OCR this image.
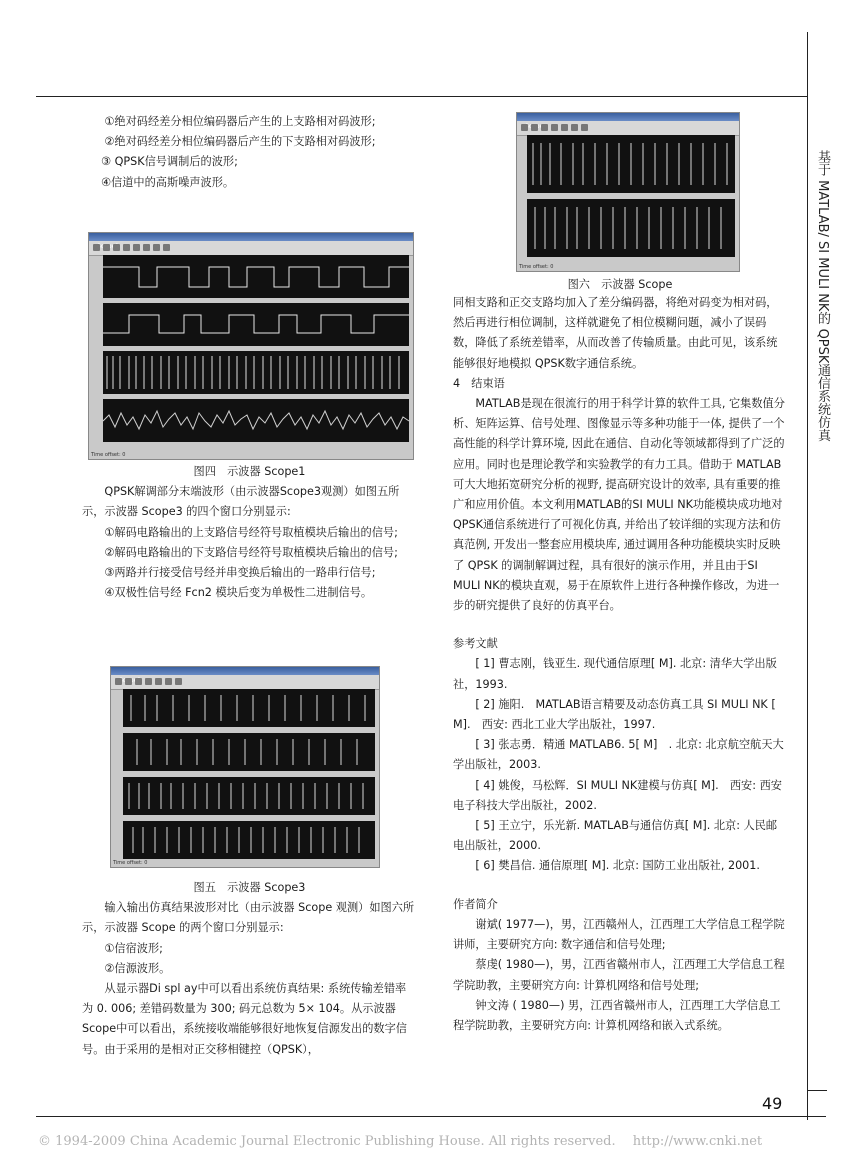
基于 MATLAB/ SI MULI NK的 QPSK通信系统仿真

①绝对码经差分相位编码器后产生的上支路相对码波形;

②绝对码经差分相位编码器后产生的下支路相对码波形;

③ QPSK信号调制后的波形;

④信道中的高斯噪声波形。

Time offset: 0

图四　示波器 Scope1

QPSK解调部分末端波形（由示波器Scope3观测）如图五所示，示波器 Scope3 的四个窗口分别显示:

①解码电路输出的上支路信号经符号取植模块后输出的信号;

②解码电路输出的下支路信号经符号取植模块后输出的信号;

③两路并行接受信号经并串变换后输出的一路串行信号;

④双极性信号经 Fcn2 模块后变为单极性二进制信号。

Time offset: 0

图五　示波器 Scope3

输入输出仿真结果波形对比（由示波器 Scope 观测）如图六所示，示波器 Scope 的两个窗口分别显示:

①信宿波形;

②信源波形。

从显示器Di spl ay中可以看出系统仿真结果: 系统传输差错率为 0. 006; 差错码数量为 300; 码元总数为 5× 104。从示波器 Scope中可以看出，系统接收端能够很好地恢复信源发出的数字信号。由于采用的是相对正交移相键控（QPSK），

Time offset: 0

图六　示波器 Scope

同相支路和正交支路均加入了差分编码器，将绝对码变为相对码，然后再进行相位调制，这样就避免了相位模糊问题，减小了误码数，降低了系统差错率，从而改善了传输质量。由此可见，该系统能够很好地模拟 QPSK数字通信系统。

4　结束语

MATLAB是现在很流行的用于科学计算的软件工具, 它集数值分析、矩阵运算、信号处理、图像显示等多种功能于一体, 提供了一个高性能的科学计算环境, 因此在通信、自动化等领域都得到了广泛的应用。同时也是理论教学和实验教学的有力工具。借助于 MATLAB可大大地拓宽研究分析的视野, 提高研究设计的效率, 具有重要的推广和应用价值。本文利用MATLAB的SI MULI NK功能模块成功地对QPSK通信系统进行了可视化仿真, 并给出了较详细的实现方法和仿真范例, 开发出一整套应用模块库, 通过调用各种功能模块实时反映了 QPSK 的调制解调过程，具有很好的演示作用，并且由于SI MULI NK的模块直观，易于在原软件上进行各种操作修改，为进一步的研究提供了良好的仿真平台。

参考文献

[ 1] 曹志刚，钱亚生. 现代通信原理[ M]. 北京: 清华大学出版社，1993.

[ 2] 施阳.　MATLAB语言精要及动态仿真工具 SI MULI NK [ M].　西安: 西北工业大学出版社，1997.

[ 3] 张志勇．精通 MATLAB6. 5[ M]　. 北京: 北京航空航天大学出版社，2003.

[ 4] 姚俊，马松辉．SI MULI NK建模与仿真[ M].　西安: 西安电子科技大学出版社，2002.

[ 5] 王立宁，乐光新. MATLAB与通信仿真[ M]. 北京: 人民邮电出版社，2000.

[ 6] 樊昌信. 通信原理[ M]. 北京: 国防工业出版社, 2001.

作者简介

谢斌( 1977—)，男，江西赣州人，江西理工大学信息工程学院讲师，主要研究方向: 数字通信和信号处理;

蔡虔( 1980—)，男，江西省赣州市人，江西理工大学信息工程学院助教，主要研究方向: 计算机网络和信号处理;

钟文涛 ( 1980—) 男，江西省赣州市人，江西理工大学信息工程学院助教，主要研究方向: 计算机网络和嵌入式系统。

49
© 1994-2009 China Academic Journal Electronic Publishing House. All rights reserved.　 http://www.cnki.net
